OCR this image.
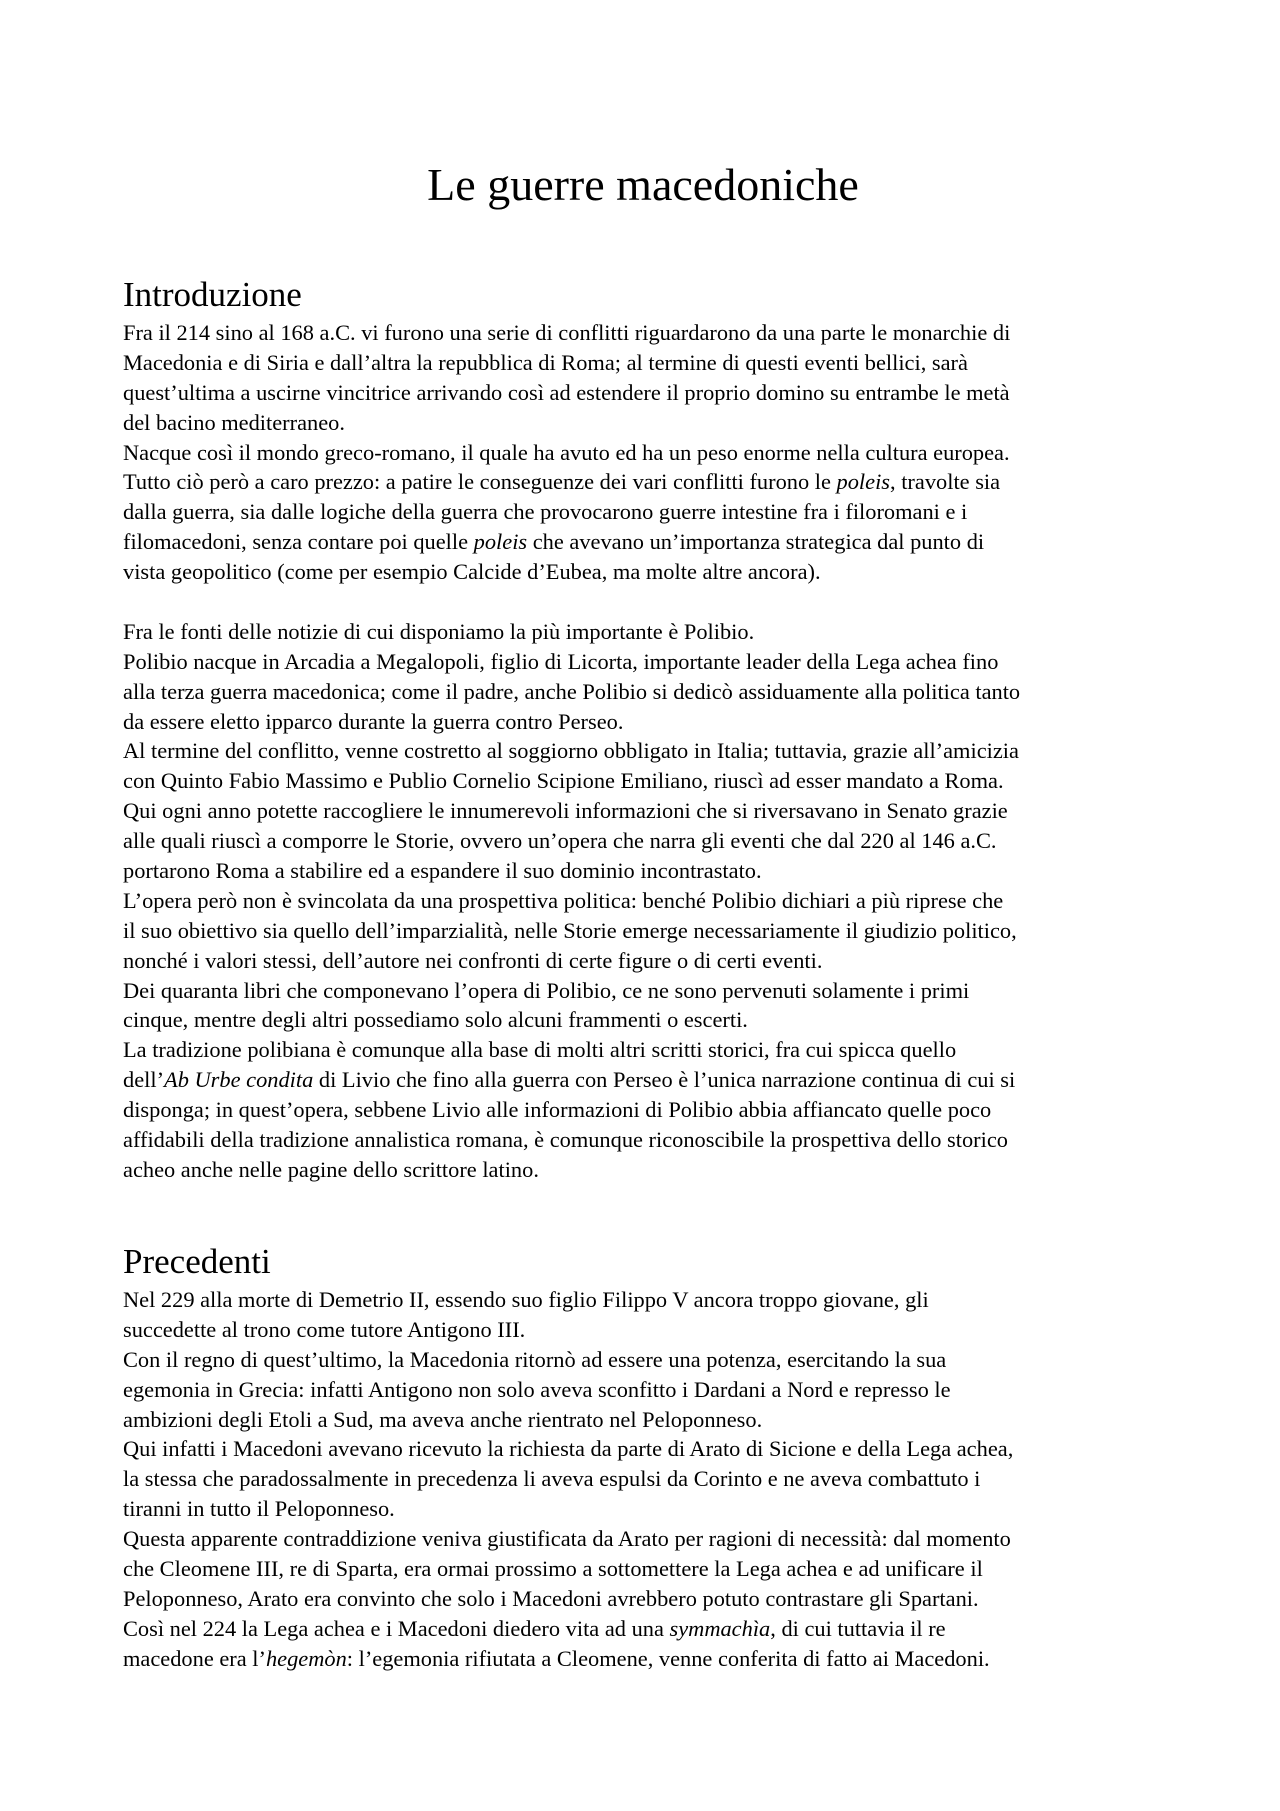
Le guerre macedoniche
Introduzione
Fra il 214 sino al 168 a.C. vi furono una serie di conflitti riguardarono da una parte le monarchie di
Macedonia e di Siria e dall’altra la repubblica di Roma; al termine di questi eventi bellici, sarà
quest’ultima a uscirne vincitrice arrivando così ad estendere il proprio domino su entrambe le metà
del bacino mediterraneo.
Nacque così il mondo greco-romano, il quale ha avuto ed ha un peso enorme nella cultura europea.
Tutto ciò però a caro prezzo: a patire le conseguenze dei vari conflitti furono le poleis, travolte sia
dalla guerra, sia dalle logiche della guerra che provocarono guerre intestine fra i filoromani e i
filomacedoni, senza contare poi quelle poleis che avevano un’importanza strategica dal punto di
vista geopolitico (come per esempio Calcide d’Eubea, ma molte altre ancora).
Fra le fonti delle notizie di cui disponiamo la più importante è Polibio.
Polibio nacque in Arcadia a Megalopoli, figlio di Licorta, importante leader della Lega achea fino
alla terza guerra macedonica; come il padre, anche Polibio si dedicò assiduamente alla politica tanto
da essere eletto ipparco durante la guerra contro Perseo.
Al termine del conflitto, venne costretto al soggiorno obbligato in Italia; tuttavia, grazie all’amicizia
con Quinto Fabio Massimo e Publio Cornelio Scipione Emiliano, riuscì ad esser mandato a Roma.
Qui ogni anno potette raccogliere le innumerevoli informazioni che si riversavano in Senato grazie
alle quali riuscì a comporre le Storie, ovvero un’opera che narra gli eventi che dal 220 al 146 a.C.
portarono Roma a stabilire ed a espandere il suo dominio incontrastato.
L’opera però non è svincolata da una prospettiva politica: benché Polibio dichiari a più riprese che
il suo obiettivo sia quello dell’imparzialità, nelle Storie emerge necessariamente il giudizio politico,
nonché i valori stessi, dell’autore nei confronti di certe figure o di certi eventi.
Dei quaranta libri che componevano l’opera di Polibio, ce ne sono pervenuti solamente i primi
cinque, mentre degli altri possediamo solo alcuni frammenti o escerti.
La tradizione polibiana è comunque alla base di molti altri scritti storici, fra cui spicca quello
dell’Ab Urbe condita di Livio che fino alla guerra con Perseo è l’unica narrazione continua di cui si
disponga; in quest’opera, sebbene Livio alle informazioni di Polibio abbia affiancato quelle poco
affidabili della tradizione annalistica romana, è comunque riconoscibile la prospettiva dello storico
acheo anche nelle pagine dello scrittore latino.
Precedenti
Nel 229 alla morte di Demetrio II, essendo suo figlio Filippo V ancora troppo giovane, gli
succedette al trono come tutore Antigono III.
Con il regno di quest’ultimo, la Macedonia ritornò ad essere una potenza, esercitando la sua
egemonia in Grecia: infatti Antigono non solo aveva sconfitto i Dardani a Nord e represso le
ambizioni degli Etoli a Sud, ma aveva anche rientrato nel Peloponneso.
Qui infatti i Macedoni avevano ricevuto la richiesta da parte di Arato di Sicione e della Lega achea,
la stessa che paradossalmente in precedenza li aveva espulsi da Corinto e ne aveva combattuto i
tiranni in tutto il Peloponneso.
Questa apparente contraddizione veniva giustificata da Arato per ragioni di necessità: dal momento
che Cleomene III, re di Sparta, era ormai prossimo a sottomettere la Lega achea e ad unificare il
Peloponneso, Arato era convinto che solo i Macedoni avrebbero potuto contrastare gli Spartani.
Così nel 224 la Lega achea e i Macedoni diedero vita ad una symmachìa, di cui tuttavia il re
macedone era l’hegemòn: l’egemonia rifiutata a Cleomene, venne conferita di fatto ai Macedoni.
